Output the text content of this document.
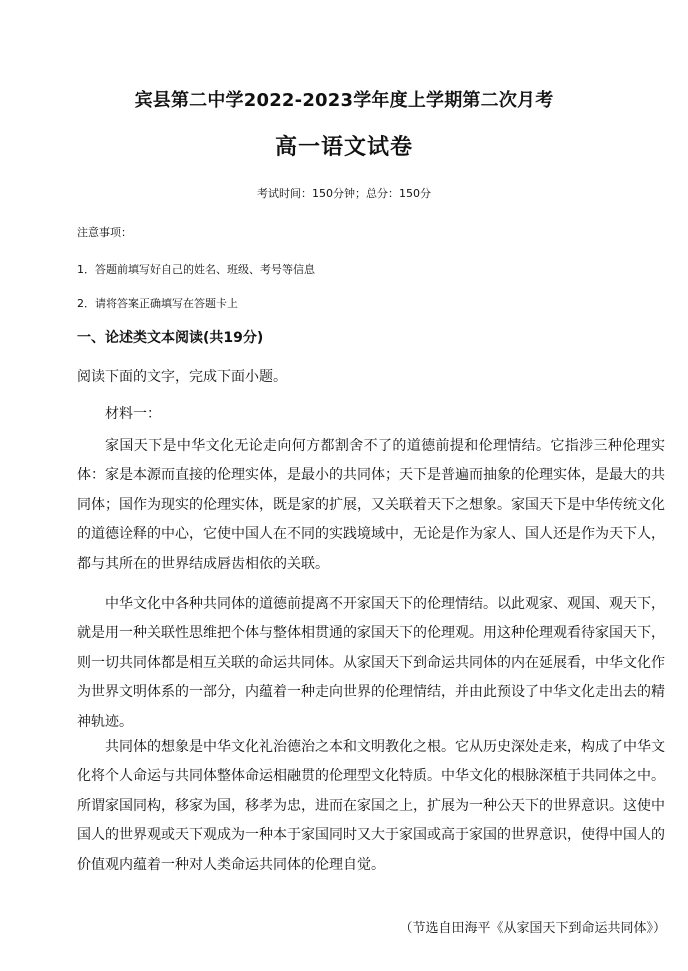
宾县第二中学2022-2023学年度上学期第二次月考
高一语文试卷
考试时间：150分钟；总分：150分
注意事项：
1．答题前填写好自己的姓名、班级、考号等信息
2．请将答案正确填写在答题卡上
一、论述类文本阅读(共19分)
阅读下面的文字，完成下面小题。
材料一：

家国天下是中华文化无论走向何方都割舍不了的道德前提和伦理情结。它指涉三种伦理实体：家是本源而直接的伦理实体，是最小的共同体；天下是普遍而抽象的伦理实体，是最大的共同体；国作为现实的伦理实体，既是家的扩展，又关联着天下之想象。家国天下是中华传统文化的道德诠释的中心，它使中国人在不同的实践境域中，无论是作为家人、国人还是作为天下人，都与其所在的世界结成唇齿相依的关联。

中华文化中各种共同体的道德前提离不开家国天下的伦理情结。以此观家、观国、观天下，就是用一种关联性思维把个体与整体相贯通的家国天下的伦理观。用这种伦理观看待家国天下，则一切共同体都是相互关联的命运共同体。从家国天下到命运共同体的内在延展看，中华文化作为世界文明体系的一部分，内蕴着一种走向世界的伦理情结，并由此预设了中华文化走出去的精神轨迹。

共同体的想象是中华文化礼治德治之本和文明教化之根。它从历史深处走来，构成了中华文化将个人命运与共同体整体命运相融贯的伦理型文化特质。中华文化的根脉深植于共同体之中。所谓家国同构，移家为国，移孝为忠，进而在家国之上，扩展为一种公天下的世界意识。这使中国人的世界观或天下观成为一种本于家国同时又大于家国或高于家国的世界意识，使得中国人的价值观内蕴着一种对人类命运共同体的伦理自觉。

（节选自田海平《从家国天下到命运共同体》）
